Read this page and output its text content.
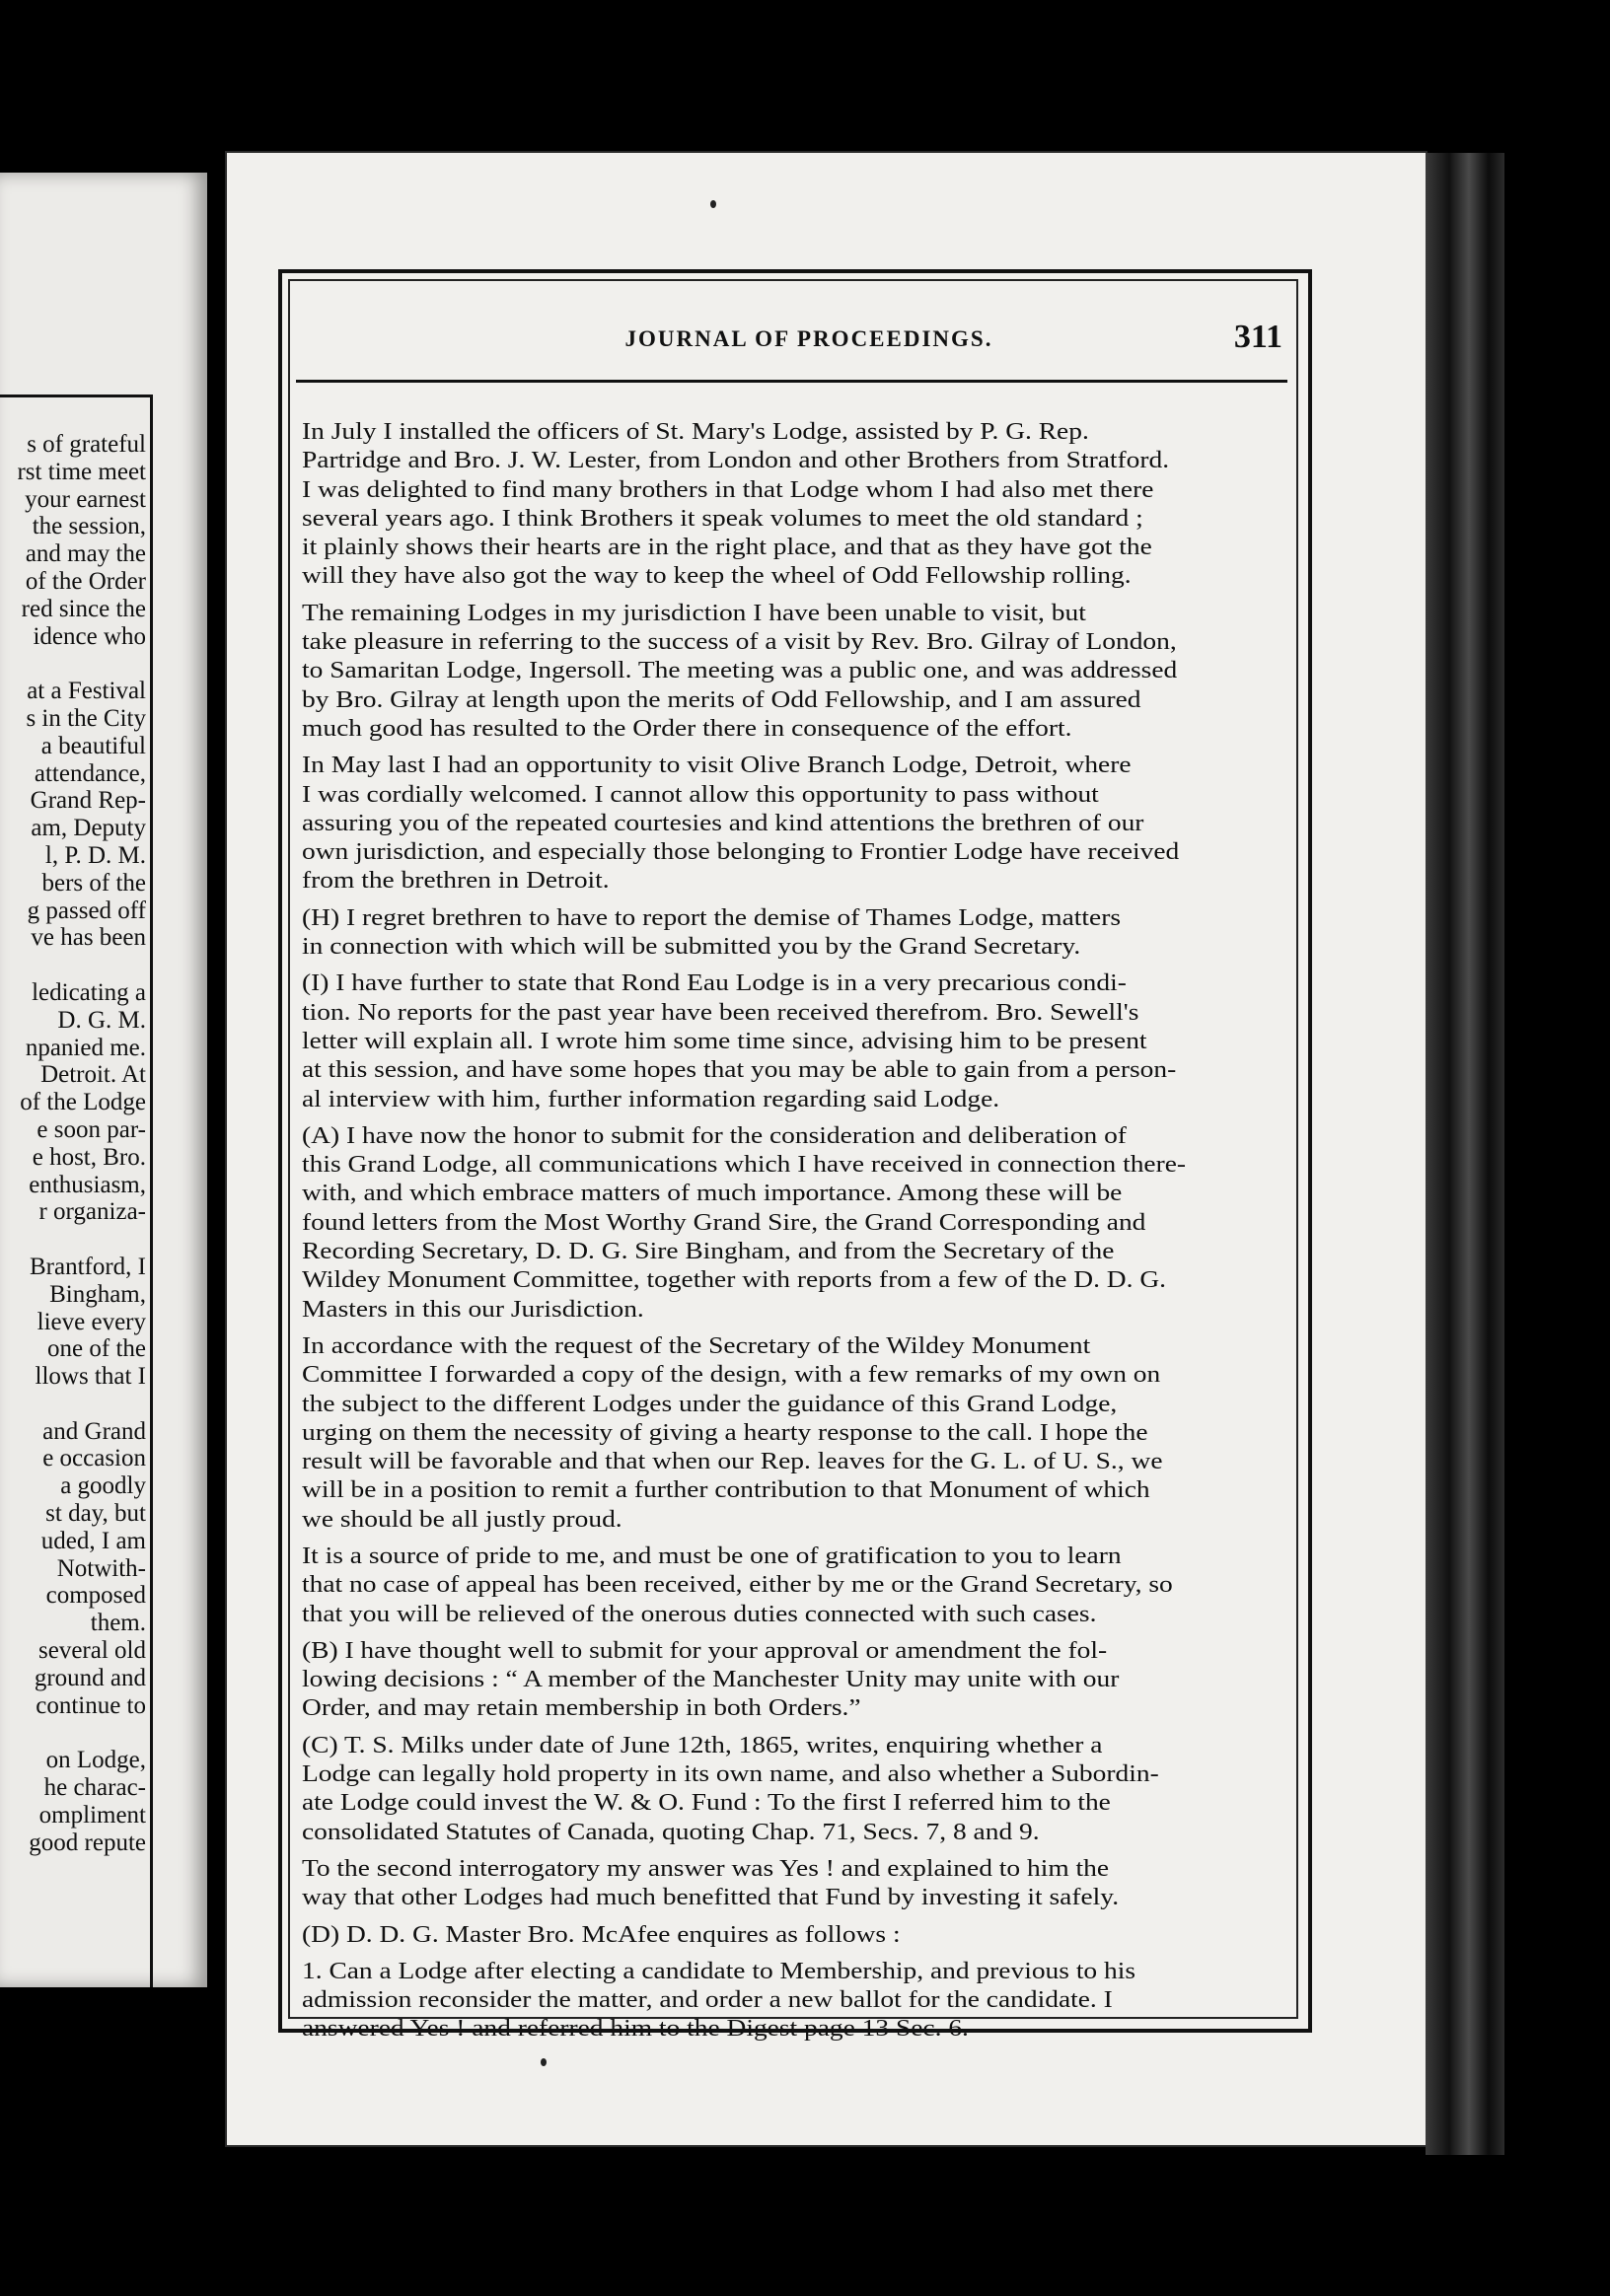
s of grateful
rst time meet
your earnest
the session,
and may the
of the Order
red since the
idence who
at a Festival
s in the City
a beautiful
attendance,
Grand Rep-
am, Deputy
l, P. D. M.
bers of the
g passed off
ve has been
ledicating a
D. G. M.
npanied me.
Detroit. At
of the Lodge
e soon par-
e host, Bro.
enthusiasm,
r organiza-
Brantford, I
Bingham,
lieve every
one of the
llows that I
and Grand
e occasion
a goodly
st day, but
uded, I am
Notwith-
composed
them.
several old
ground and
continue to
on Lodge,
he charac-
ompliment
good repute
JOURNAL OF PROCEEDINGS.	311
In July I installed the officers of St. Mary's Lodge, assisted by P. G. Rep.
Partridge and Bro. J. W. Lester, from London and other Brothers from Stratford.
I was delighted to find many brothers in that Lodge whom I had also met there
several years ago. I think Brothers it speak volumes to meet the old standard ;
it plainly shows their hearts are in the right place, and that as they have got the
will they have also got the way to keep the wheel of Odd Fellowship rolling.
The remaining Lodges in my jurisdiction I have been unable to visit, but
take pleasure in referring to the success of a visit by Rev. Bro. Gilray of London,
to Samaritan Lodge, Ingersoll. The meeting was a public one, and was addressed
by Bro. Gilray at length upon the merits of Odd Fellowship, and I am assured
much good has resulted to the Order there in consequence of the effort.
In May last I had an opportunity to visit Olive Branch Lodge, Detroit, where
I was cordially welcomed. I cannot allow this opportunity to pass without
assuring you of the repeated courtesies and kind attentions the brethren of our
own jurisdiction, and especially those belonging to Frontier Lodge have received
from the brethren in Detroit.
(H) I regret brethren to have to report the demise of Thames Lodge, matters
in connection with which will be submitted you by the Grand Secretary.
(I) I have further to state that Rond Eau Lodge is in a very precarious condi-
tion. No reports for the past year have been received therefrom. Bro. Sewell's
letter will explain all. I wrote him some time since, advising him to be present
at this session, and have some hopes that you may be able to gain from a person-
al interview with him, further information regarding said Lodge.
(A) I have now the honor to submit for the consideration and deliberation of
this Grand Lodge, all communications which I have received in connection there-
with, and which embrace matters of much importance. Among these will be
found letters from the Most Worthy Grand Sire, the Grand Corresponding and
Recording Secretary, D. D. G. Sire Bingham, and from the Secretary of the
Wildey Monument Committee, together with reports from a few of the D. D. G.
Masters in this our Jurisdiction.
In accordance with the request of the Secretary of the Wildey Monument
Committee I forwarded a copy of the design, with a few remarks of my own on
the subject to the different Lodges under the guidance of this Grand Lodge,
urging on them the necessity of giving a hearty response to the call. I hope the
result will be favorable and that when our Rep. leaves for the G. L. of U. S., we
will be in a position to remit a further contribution to that Monument of which
we should be all justly proud.
It is a source of pride to me, and must be one of gratification to you to learn
that no case of appeal has been received, either by me or the Grand Secretary, so
that you will be relieved of the onerous duties connected with such cases.
(B) I have thought well to submit for your approval or amendment the fol-
lowing decisions : “ A member of the Manchester Unity may unite with our
Order, and may retain membership in both Orders.”
(C) T. S. Milks under date of June 12th, 1865, writes, enquiring whether a
Lodge can legally hold property in its own name, and also whether a Subordin-
ate Lodge could invest the W. & O. Fund : To the first I referred him to the
consolidated Statutes of Canada, quoting Chap. 71, Secs. 7, 8 and 9.
To the second interrogatory my answer was Yes ! and explained to him the
way that other Lodges had much benefitted that Fund by investing it safely.
(D) D. D. G. Master Bro. McAfee enquires as follows :
1. Can a Lodge after electing a candidate to Membership, and previous to his
admission reconsider the matter, and order a new ballot for the candidate. I
answered Yes ! and referred him to the Digest page 13 Sec. 6.
